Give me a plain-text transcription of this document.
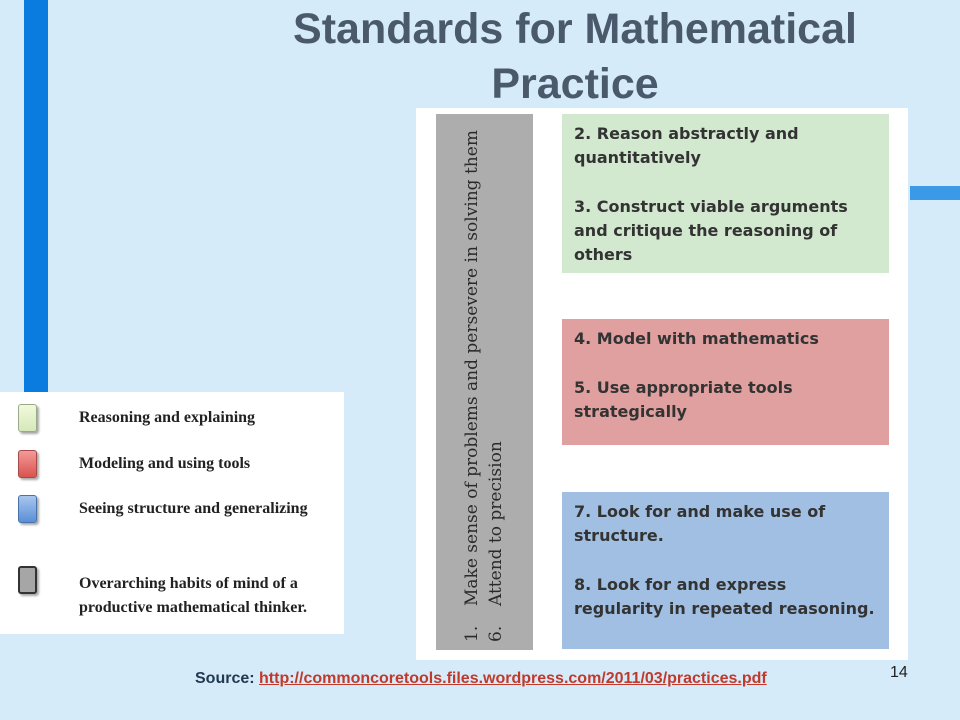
Standards for Mathematical Practice
1.
Make sense of problems and persevere in solving them
6.
Attend to precision

2. Reason abstractly and quantitatively

3. Construct viable arguments and critique the reasoning of others

4. Model with mathematics

5. Use appropriate tools strategically

7. Look for and make use of structure.

8. Look for and express regularity in repeated reasoning.

Reasoning and explaining
Modeling and using tools
Seeing structure and generalizing
Overarching habits of mind of a productive mathematical thinker.

Source: http://commoncoretools.files.wordpress.com/2011/03/practices.pdf	14
